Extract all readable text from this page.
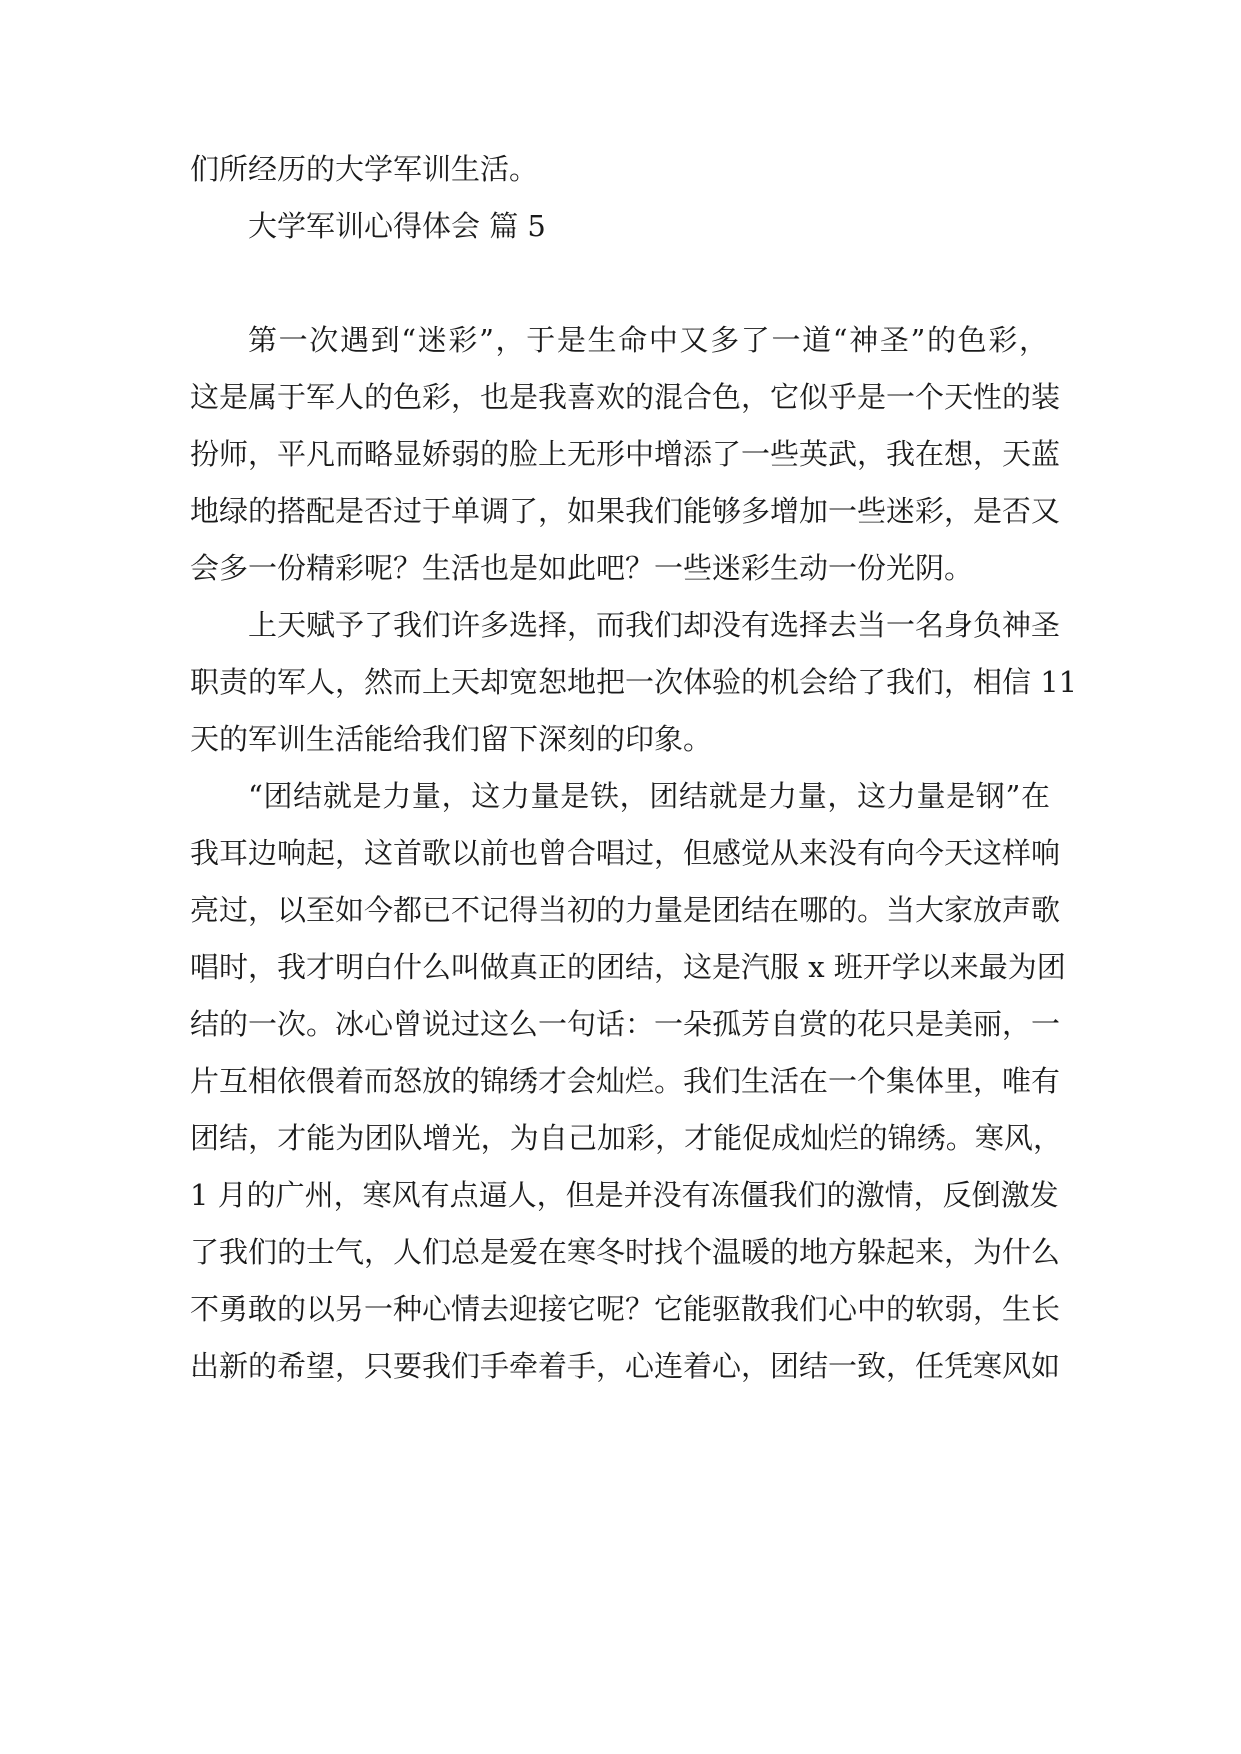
们所经历的大学军训生活。
大学军训心得体会 篇 5
第一次遇到“迷彩”，于是生命中又多了一道“神圣”的色彩，
这是属于军人的色彩，也是我喜欢的混合色，它似乎是一个天性的装
扮师，平凡而略显娇弱的脸上无形中增添了一些英武，我在想，天蓝
地绿的搭配是否过于单调了，如果我们能够多增加一些迷彩，是否又
会多一份精彩呢？生活也是如此吧？一些迷彩生动一份光阴。
上天赋予了我们许多选择，而我们却没有选择去当一名身负神圣
职责的军人，然而上天却宽恕地把一次体验的机会给了我们，相信 11
天的军训生活能给我们留下深刻的印象。
“团结就是力量，这力量是铁，团结就是力量，这力量是钢”在
我耳边响起，这首歌以前也曾合唱过，但感觉从来没有向今天这样响
亮过，以至如今都已不记得当初的力量是团结在哪的。当大家放声歌
唱时，我才明白什么叫做真正的团结，这是汽服 x 班开学以来最为团
结的一次。冰心曾说过这么一句话：一朵孤芳自赏的花只是美丽，一
片互相依偎着而怒放的锦绣才会灿烂。我们生活在一个集体里，唯有
团结，才能为团队增光，为自己加彩，才能促成灿烂的锦绣。寒风，
1 月的广州，寒风有点逼人，但是并没有冻僵我们的激情，反倒激发
了我们的士气，人们总是爱在寒冬时找个温暖的地方躲起来，为什么
不勇敢的以另一种心情去迎接它呢？它能驱散我们心中的软弱，生长
出新的希望，只要我们手牵着手，心连着心，团结一致，任凭寒风如
